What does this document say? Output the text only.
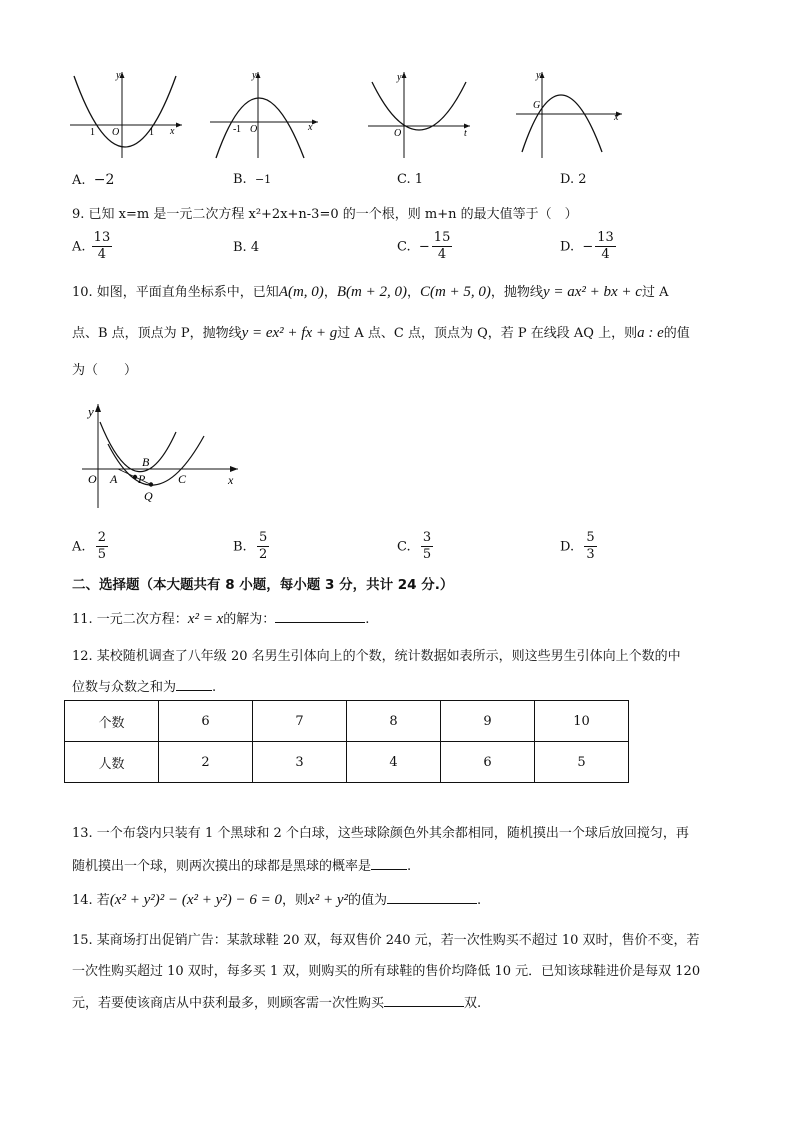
y
x
1 O	1
y
x
1 O
-
y
t
O
y
x
G
A. −2	B. −1	C. 1	D. 2
9. 已知 x=m 是一元二次方程 x²+2x+n-3=0 的一个根，则 m+n 的最大值等于（　）
A. $\frac{13}{4}$	B. 4	C. − $\frac{15}{4}$	D. − $\frac{13}{4}$
10. 如图，平面直角坐标系中，已知A(m, 0)，B(m + 2, 0)，C(m + 5, 0)，抛物线y = ax² + bx + c过 A
点、B 点，顶点为 P，抛物线y = ex² + fx + g过 A 点、C 点，顶点为 Q，若 P 在线段 AQ 上，则a : e的值
为（　　）
y
x
O A
B
P
Q
C
A. $\frac{2}{5}$	B. $\frac{5}{2}$	C. $\frac{3}{5}$	D. $\frac{5}{3}$
二、选择题（本大题共有 8 小题，每小题 3 分，共计 24 分.）
11. 一元二次方程：x² = x的解为：	.
12. 某校随机调查了八年级 20 名男生引体向上的个数，统计数据如表所示，则这些男生引体向上个数的中
位数与众数之和为	.
个数	6	7	8	9	10
人数	2	3	4	6	5
13. 一个布袋内只装有 1 个黑球和 2 个白球，这些球除颜色外其余都相同，随机摸出一个球后放回搅匀，再
随机摸出一个球，则两次摸出的球都是黑球的概率是	.
14. 若(x² + y²)² − (x² + y²) − 6 = 0，则x² + y²的值为	.
15. 某商场打出促销广告：某款球鞋 20 双，每双售价 240 元，若一次性购买不超过 10 双时，售价不变，若
一次性购买超过 10 双时，每多买 1 双，则购买的所有球鞋的售价均降低 10 元．已知该球鞋进价是每双 120
元，若要使该商店从中获利最多，则顾客需一次性购买	双.
